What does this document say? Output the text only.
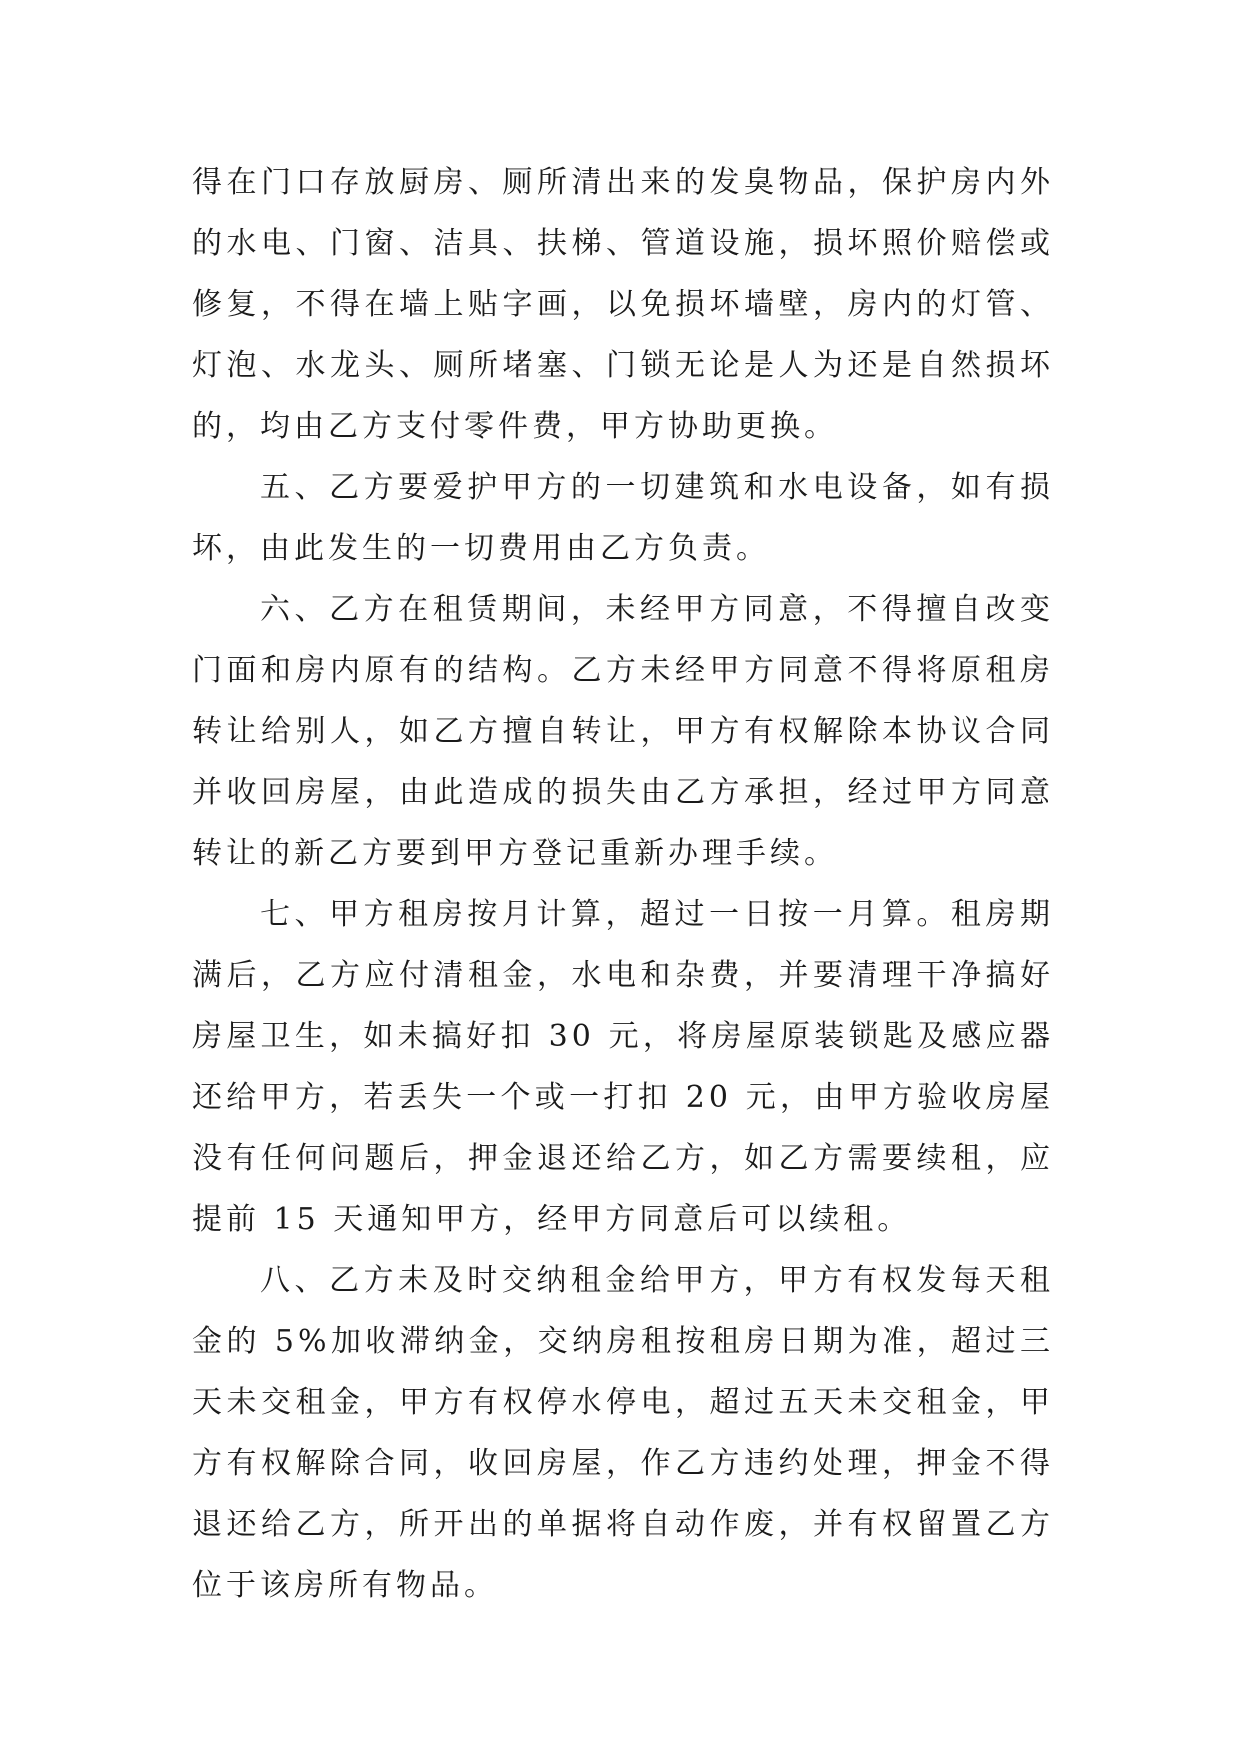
得在门口存放厨房、厕所清出来的发臭物品，保护房内外的水电、门窗、洁具、扶梯、管道设施，损坏照价赔偿或修复，不得在墙上贴字画，以免损坏墙壁，房内的灯管、灯泡、水龙头、厕所堵塞、门锁无论是人为还是自然损坏的，均由乙方支付零件费，甲方协助更换。

五、乙方要爱护甲方的一切建筑和水电设备，如有损坏，由此发生的一切费用由乙方负责。

六、乙方在租赁期间，未经甲方同意，不得擅自改变门面和房内原有的结构。乙方未经甲方同意不得将原租房转让给别人，如乙方擅自转让，甲方有权解除本协议合同并收回房屋，由此造成的损失由乙方承担，经过甲方同意转让的新乙方要到甲方登记重新办理手续。

七、甲方租房按月计算，超过一日按一月算。租房期满后，乙方应付清租金，水电和杂费，并要清理干净搞好房屋卫生，如未搞好扣 30 元，将房屋原装锁匙及感应器还给甲方，若丢失一个或一打扣 20 元，由甲方验收房屋没有任何问题后，押金退还给乙方，如乙方需要续租，应提前 15 天通知甲方，经甲方同意后可以续租。

八、乙方未及时交纳租金给甲方，甲方有权发每天租金的 5%加收滞纳金，交纳房租按租房日期为准，超过三天未交租金，甲方有权停水停电，超过五天未交租金，甲方有权解除合同，收回房屋，作乙方违约处理，押金不得退还给乙方，所开出的单据将自动作废，并有权留置乙方位于该房所有物品。
